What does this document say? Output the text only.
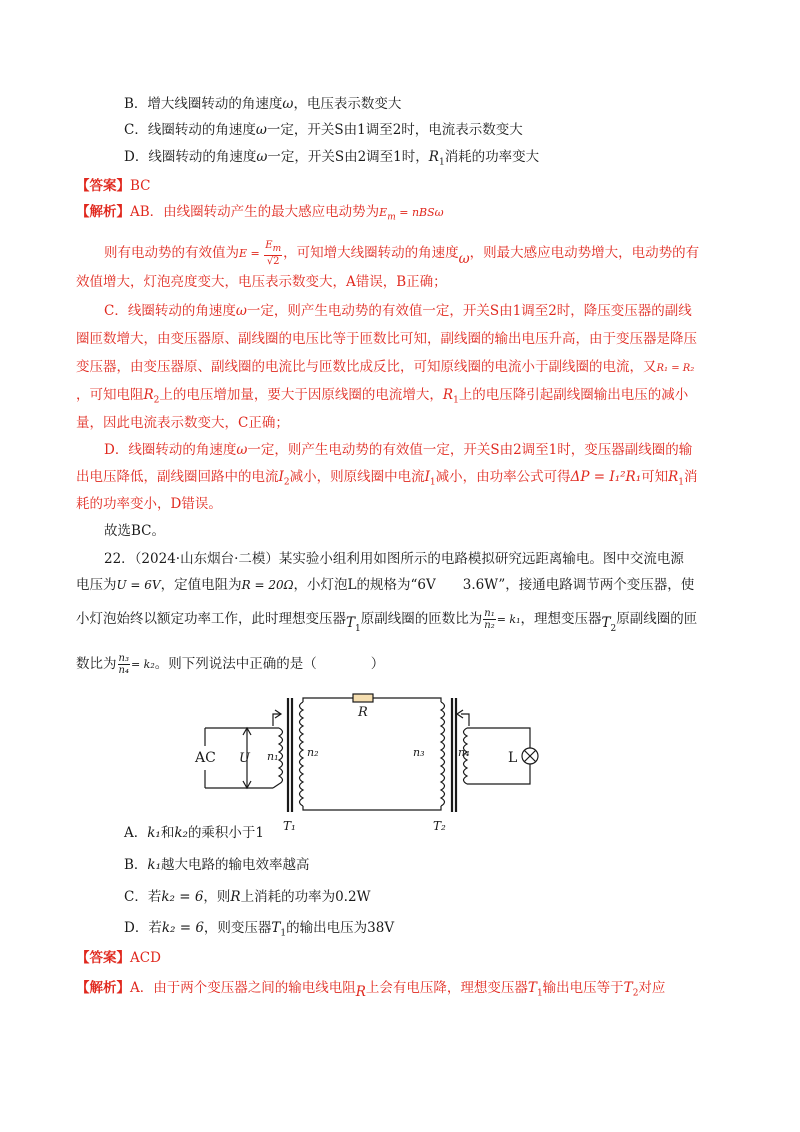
B．增大线圈转动的角速度ω，电压表示数变大
C．线圈转动的角速度ω一定，开关S由1调至2时，电流表示数变大
D．线圈转动的角速度ω一定，开关S由2调至1时，$R_1$消耗的功率变大
【答案】BC
【解析】AB．由线圈转动产生的最大感应电动势为$E_m = nBS\omega$
则有电动势的有效值为$E = \frac{E_m}{√2}$ ，可知增大线圈转动的角速度ω，则最大感应电动势增大，电动势的有
效值增大，灯泡亮度变大，电压表示数变大，A错误，B正确；
C．线圈转动的角速度ω一定，则产生电动势的有效值一定，开关S由1调至2时，降压变压器的副线
圈匝数增大，由变压器原、副线圈的电压比等于匝数比可知，副线圈的输出电压升高，由于变压器是降压
变压器，由变压器原、副线圈的电流比与匝数比成反比，可知原线圈的电流小于副线圈的电流，又R₁ = R₂
，可知电阻$R_2$上的电压增加量，要大于因原线圈的电流增大，$R_1$上的电压降引起副线圈输出电压的减小
量，因此电流表示数变大，C正确；
D．线圈转动的角速度ω一定，则产生电动势的有效值一定，开关S由2调至1时，变压器副线圈的输
出电压降低，副线圈回路中的电流$I_2$减小，则原线圈中电流$I_1$减小，由功率公式可得ΔP = I₁²R₁可知$R_1$消
耗的功率变小，D错误。
故选BC。
22．（2024·山东烟台·二模）某实验小组利用如图所示的电路模拟研究远距离输电。图中交流电源
电压为U = 6V，定值电阻为R = 20Ω，小灯泡L的规格为“6V　　3.6W”，接通电路调节两个变压器，使
小灯泡始终以额定功率工作，此时理想变压器$T_1$原副线圈的匝数比为 $\frac{\text{n₁}}{\text{n₂}} = k_1$，理想变压器$T_2$原副线圈的匝
数比为 $\frac{\text{n₃}}{\text{n₄}} = k_2$。则下列说法中正确的是（　　　　）
AC U n₁	n₂	n₃	n₄
R
L
T₁	T₂
A．k₁和k₂的乘积小于1
B．k₁越大电路的输电效率越高
C．若k₂ = 6，则R上消耗的功率为0.2W
D．若k₂ = 6，则变压器$T_1$的输出电压为38V
【答案】ACD
【解析】A．由于两个变压器之间的输电线电阻R上会有电压降，理想变压器$T_1$输出电压等于$T_2$对应
